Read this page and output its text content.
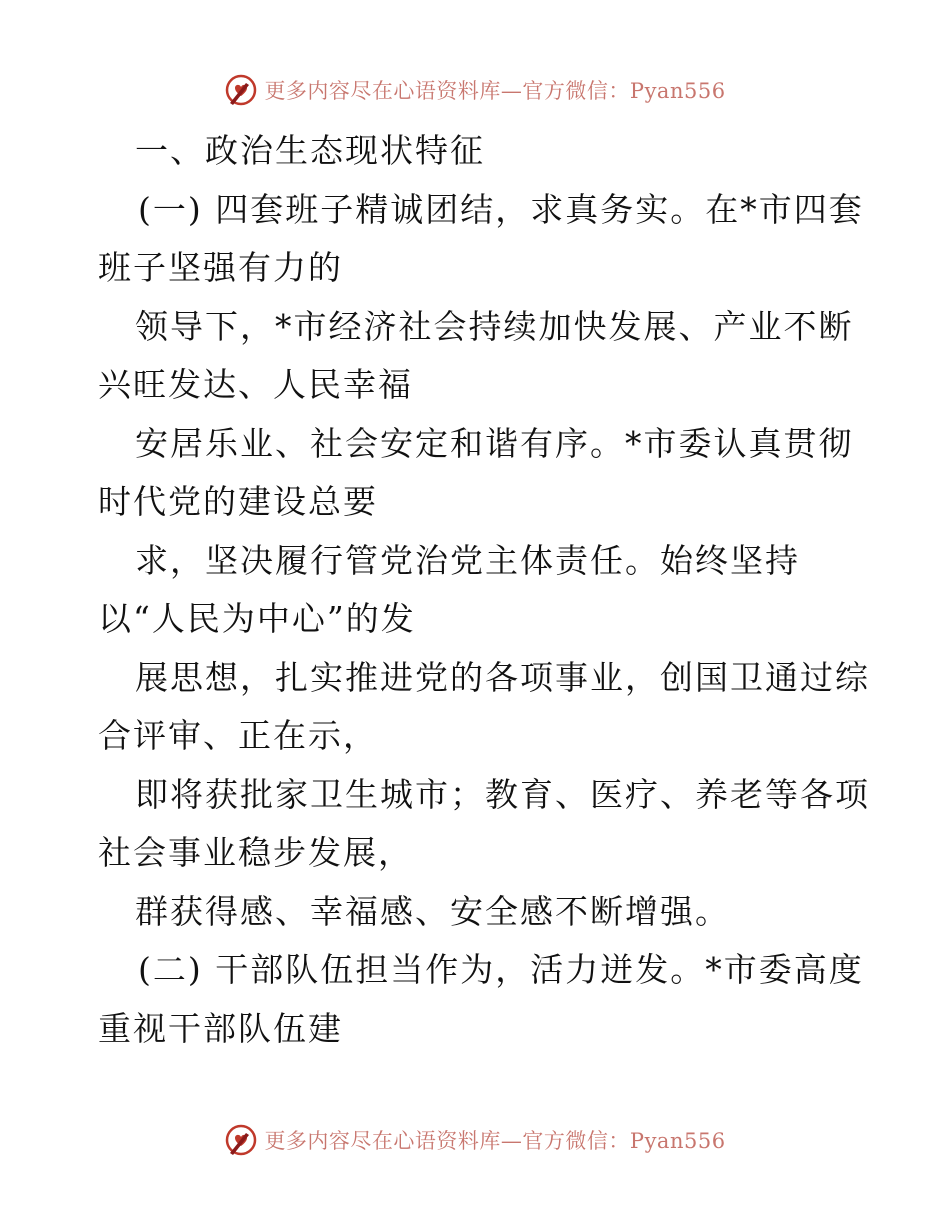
更多内容尽在心语资料库—官方微信：Pyan556
一、政治生态现状特征
(一) 四套班子精诚团结，求真务实。在*市四套
班子坚强有力的
领导下，*市经济社会持续加快发展、产业不断
兴旺发达、人民幸福
安居乐业、社会安定和谐有序。*市委认真贯彻
时代党的建设总要
求，坚决履行管党治党主体责任。始终坚持
以“人民为中心”的发
展思想，扎实推进党的各项事业，创国卫通过综
合评审、正在示，
即将获批家卫生城市；教育、医疗、养老等各项
社会事业稳步发展，
群获得感、幸福感、安全感不断增强。
(二) 干部队伍担当作为，活力迸发。*市委高度
重视干部队伍建
更多内容尽在心语资料库—官方微信：Pyan556
